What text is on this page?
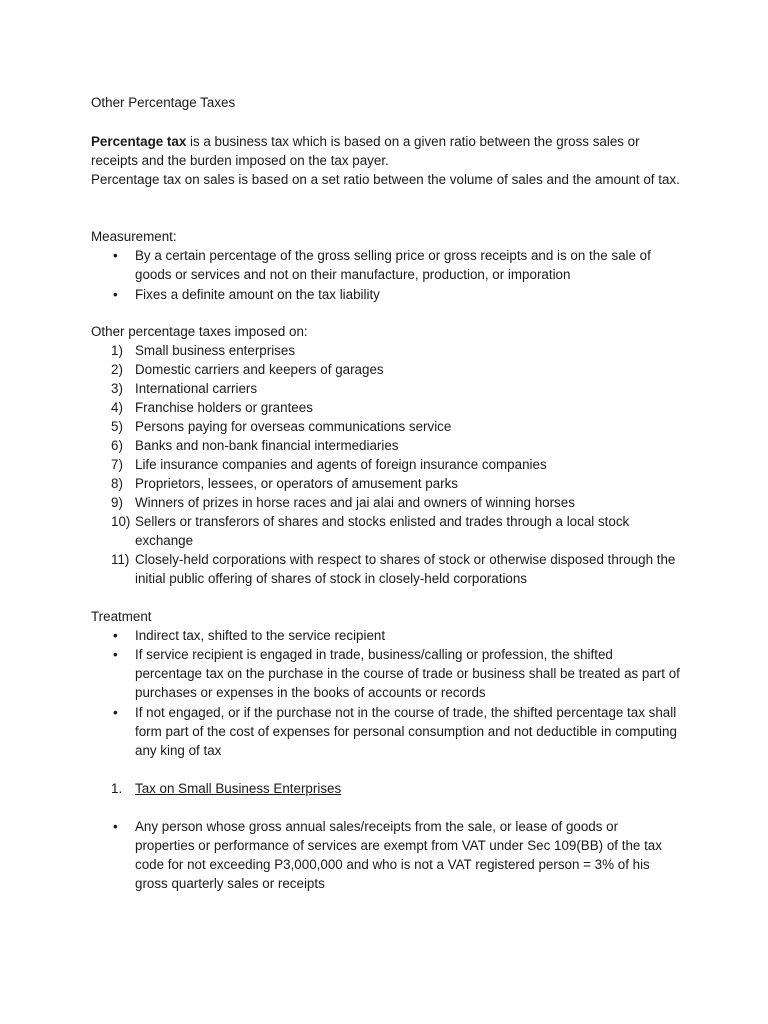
Other Percentage Taxes
Percentage tax is a business tax which is based on a given ratio between the gross sales or receipts and the burden imposed on the tax payer.
Percentage tax on sales is based on a set ratio between the volume of sales and the amount of tax.
Measurement:
• By a certain percentage of the gross selling price or gross receipts and is on the sale of goods or services and not on their manufacture, production, or imporation
• Fixes a definite amount on the tax liability
Other percentage taxes imposed on:
1) Small business enterprises
2) Domestic carriers and keepers of garages
3) International carriers
4) Franchise holders or grantees
5) Persons paying for overseas communications service
6) Banks and non-bank financial intermediaries
7) Life insurance companies and agents of foreign insurance companies
8) Proprietors, lessees, or operators of amusement parks
9) Winners of prizes in horse races and jai alai and owners of winning horses
10) Sellers or transferors of shares and stocks enlisted and trades through a local stock exchange
11) Closely-held corporations with respect to shares of stock or otherwise disposed through the initial public offering of shares of stock in closely-held corporations
Treatment
• Indirect tax, shifted to the service recipient
• If service recipient is engaged in trade, business/calling or profession, the shifted percentage tax on the purchase in the course of trade or business shall be treated as part of purchases or expenses in the books of accounts or records
• If not engaged, or if the purchase not in the course of trade, the shifted percentage tax shall form part of the cost of expenses for personal consumption and not deductible in computing any king of tax
1. Tax on Small Business Enterprises
• Any person whose gross annual sales/receipts from the sale, or lease of goods or properties or performance of services are exempt from VAT under Sec 109(BB) of the tax code for not exceeding P3,000,000 and who is not a VAT registered person = 3% of his gross quarterly sales or receipts
